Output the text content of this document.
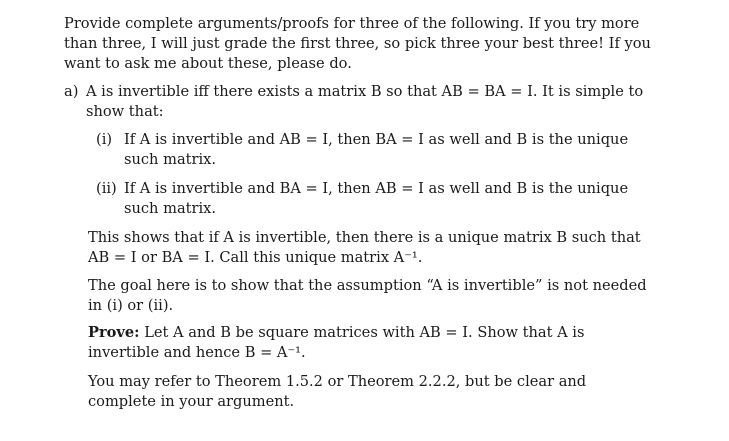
Provide complete arguments/proofs for three of the following. If you try more than three, I will just grade the first three, so pick three your best three! If you want to ask me about these, please do.

a) A is invertible iff there exists a matrix B so that AB = BA = I. It is simple to show that:
(i) If A is invertible and AB = I, then BA = I as well and B is the unique such matrix.
(ii) If A is invertible and BA = I, then AB = I as well and B is the unique such matrix.

This shows that if A is invertible, then there is a unique matrix B such that AB = I or BA = I. Call this unique matrix A⁻¹.

The goal here is to show that the assumption “A is invertible” is not needed in (i) or (ii).

Prove: Let A and B be square matrices with AB = I. Show that A is invertible and hence B = A⁻¹.

You may refer to Theorem 1.5.2 or Theorem 2.2.2, but be clear and complete in your argument.
